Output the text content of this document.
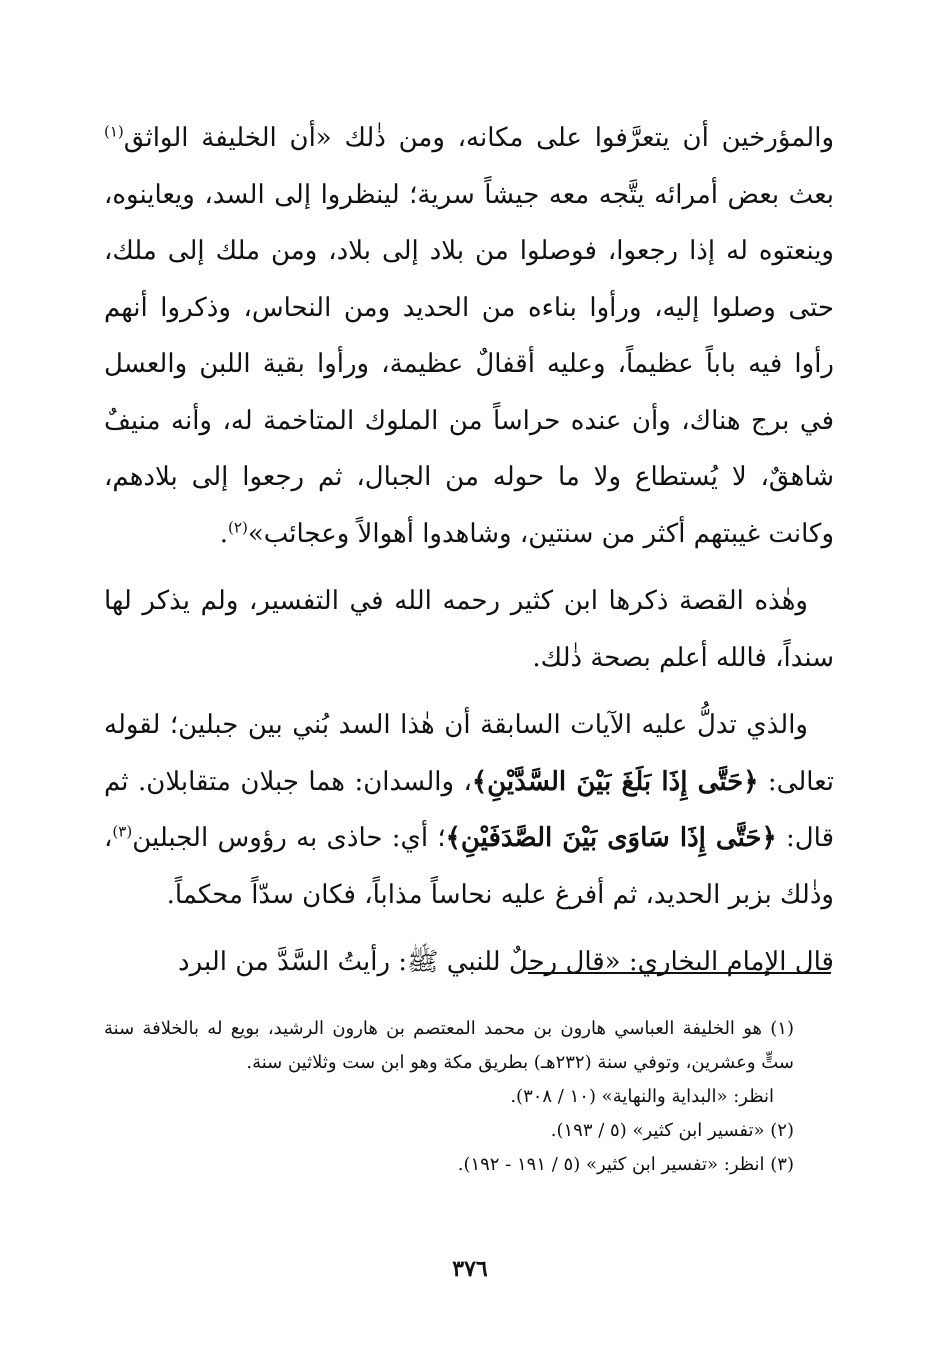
والمؤرخين أن يتعرَّفوا على مكانه، ومن ذٰلك «أن الخليفة الواثق$^{(١)}$ بعث بعض أمرائه يتَّجه معه جيشاً سرية؛ لينظروا إلى السد، ويعاينوه، وينعتوه له إذا رجعوا، فوصلوا من بلاد إلى بلاد، ومن ملك إلى ملك، حتى وصلوا إليه، ورأوا بناءه من الحديد ومن النحاس، وذكروا أنهم رأوا فيه باباً عظيماً، وعليه أقفالٌ عظيمة، ورأوا بقية اللبن والعسل في برج هناك، وأن عنده حراساً من الملوك المتاخمة له، وأنه منيفٌ شاهقٌ، لا يُستطاع ولا ما حوله من الجبال، ثم رجعوا إلى بلادهم، وكانت غيبتهم أكثر من سنتين، وشاهدوا أهوالاً وعجائب»$^{(٢)}$.

وهٰذه القصة ذكرها ابن كثير رحمه الله في التفسير، ولم يذكر لها سنداً، فالله أعلم بصحة ذٰلك.

والذي تدلُّ عليه الآيات السابقة أن هٰذا السد بُني بين جبلين؛ لقوله تعالى: ﴿حَتَّى إِذَا بَلَغَ بَيْنَ السَّدَّيْنِ﴾، والسدان: هما جبلان متقابلان. ثم قال: ﴿حَتَّى إِذَا سَاوَى بَيْنَ الصَّدَفَيْنِ﴾؛ أي: حاذى به رؤوس الجبلين$^{(٣)}$، وذٰلك بزبر الحديد، ثم أفرغ عليه نحاساً مذاباً، فكان سدّاً محكماً.

قال الإمام البخاري: «قال رجلٌ للنبي ﷺ: رأيتُ السَّدَّ من البرد

(١) هو الخليفة العباسي هارون بن محمد المعتصم بن هارون الرشيد، بويع له بالخلافة سنة ستٍّ وعشرين، وتوفي سنة (٢٣٢هـ) بطريق مكة وهو ابن ست وثلاثين سنة.

انظر: «البداية والنهاية» (١٠ / ٣٠٨).

(٢) «تفسير ابن كثير» (٥ / ١٩٣).

(٣) انظر: «تفسير ابن كثير» (٥ / ١٩١ - ١٩٢).

٣٧٦
